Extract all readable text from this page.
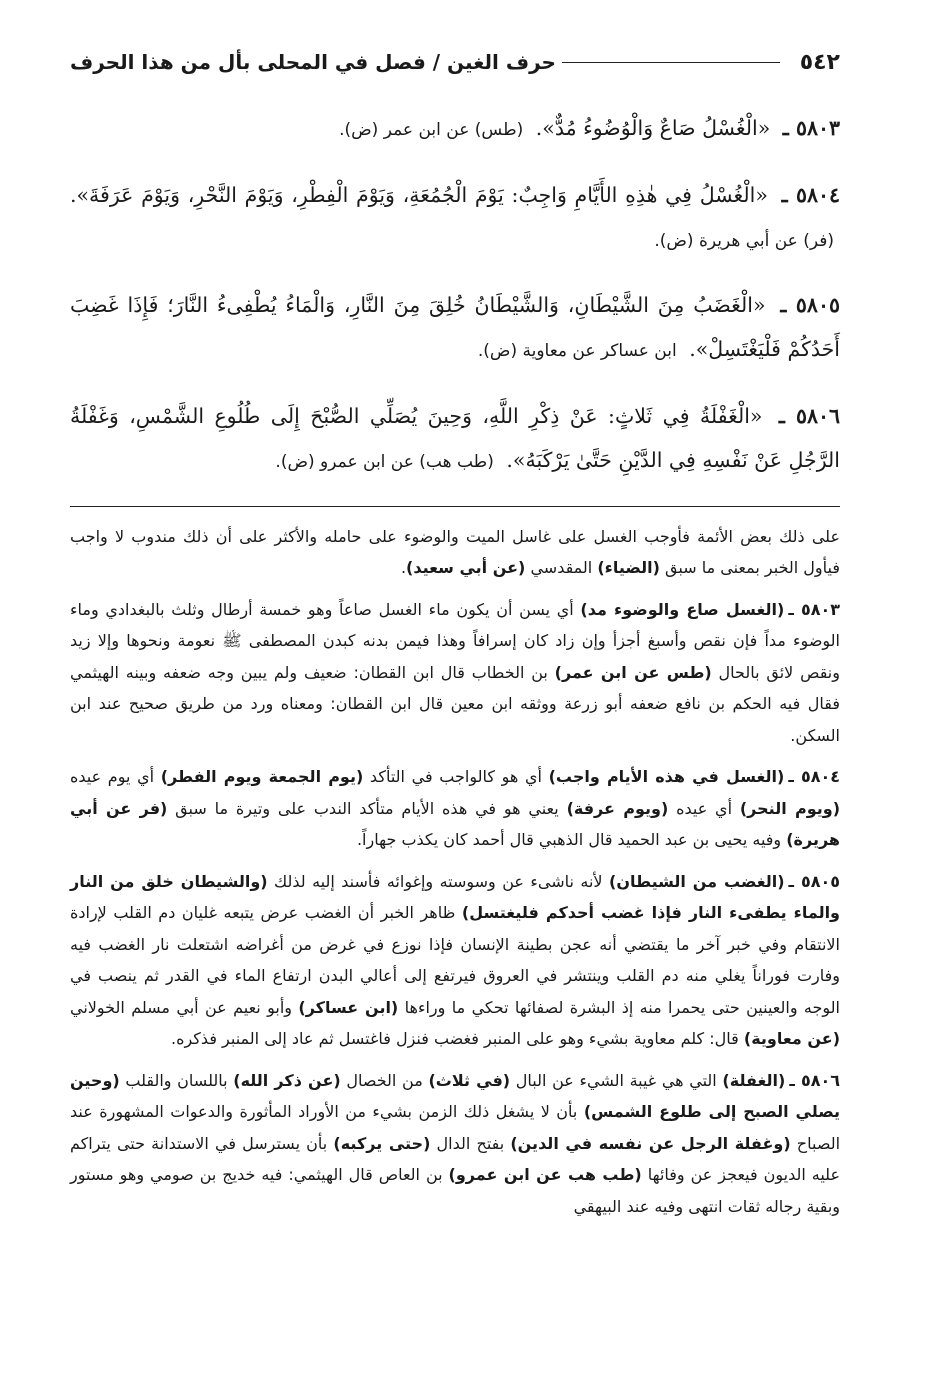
٥٤٢
حرف الغين / فصل في المحلى بأل من هذا الحرف

٥٨٠٣ ـ «الْغُسْلُ صَاعٌ وَالْوُضُوءُ مُدٌّ». (طس) عن ابن عمر (ض).

٥٨٠٤ ـ «الْغُسْلُ فِي هٰذِهِ الأَيَّامِ وَاجِبٌ: يَوْمَ الْجُمُعَةِ، وَيَوْمَ الْفِطْرِ، وَيَوْمَ النَّحْرِ، وَيَوْمَ عَرَفَةَ». (فر) عن أبي هريرة (ض).

٥٨٠٥ ـ «الْغَضَبُ مِنَ الشَّيْطَانِ، وَالشَّيْطَانُ خُلِقَ مِنَ النَّارِ، وَالْمَاءُ يُطْفِىءُ النَّارَ؛ فَإِذَا غَضِبَ أَحَدُكُمْ فَلْيَغْتَسِلْ». ابن عساكر عن معاوية (ض).

٥٨٠٦ ـ «الْغَفْلَةُ فِي ثَلاثٍ: عَنْ ذِكْرِ اللَّهِ، وَحِينَ يُصَلِّي الصُّبْحَ إِلَى طُلُوعِ الشَّمْسِ، وَغَفْلَةُ الرَّجُلِ عَنْ نَفْسِهِ فِي الدَّيْنِ حَتَّىٰ يَرْكَبَهُ». (طب هب) عن ابن عمرو (ض).

على ذلك بعض الأئمة فأوجب الغسل على غاسل الميت والوضوء على حامله والأكثر على أن ذلك مندوب لا واجب فيأول الخبر بمعنى ما سبق (الضياء) المقدسي (عن أبي سعيد).

٥٨٠٣ ـ(الغسل صاع والوضوء مد) أي يسن أن يكون ماء الغسل صاعاً وهو خمسة أرطال وثلث بالبغدادي وماء الوضوء مداً فإن نقص وأسبغ أجزأ وإن زاد كان إسرافاً وهذا فيمن بدنه كبدن المصطفى ﷺ نعومة ونحوها وإلا زيد ونقص لائق بالحال (طس عن ابن عمر) بن الخطاب قال ابن القطان: ضعيف ولم يبين وجه ضعفه وبينه الهيثمي فقال فيه الحكم بن نافع ضعفه أبو زرعة ووثقه ابن معين قال ابن القطان: ومعناه ورد من طريق صحيح عند ابن السكن.

٥٨٠٤ ـ(الغسل في هذه الأيام واجب) أي هو كالواجب في التأكد (يوم الجمعة ويوم الفطر) أي يوم عيده (ويوم النحر) أي عيده (ويوم عرفة) يعني هو في هذه الأيام متأكد الندب على وتيرة ما سبق (فر عن أبي هريرة) وفيه يحيى بن عبد الحميد قال الذهبي قال أحمد كان يكذب جهاراً.

٥٨٠٥ ـ(الغضب من الشيطان) لأنه ناشىء عن وسوسته وإغوائه فأسند إليه لذلك (والشيطان خلق من النار والماء يطفىء النار فإذا غضب أحدكم فليغتسل) ظاهر الخبر أن الغضب عرض يتبعه غليان دم القلب لإرادة الانتقام وفي خبر آخر ما يقتضي أنه عجن بطينة الإنسان فإذا نوزع في غرض من أغراضه اشتعلت نار الغضب فيه وفارت فوراناً يغلي منه دم القلب وينتشر في العروق فيرتفع إلى أعالي البدن ارتفاع الماء في القدر ثم ينصب في الوجه والعينين حتى يحمرا منه إذ البشرة لصفائها تحكي ما وراءها (ابن عساكر) وأبو نعيم عن أبي مسلم الخولاني (عن معاوية) قال: كلم معاوية بشيء وهو على المنبر فغضب فنزل فاغتسل ثم عاد إلى المنبر فذكره.

٥٨٠٦ ـ(الغفلة) التي هي غيبة الشيء عن البال (في ثلاث) من الخصال (عن ذكر الله) باللسان والقلب (وحين يصلي الصبح إلى طلوع الشمس) بأن لا يشغل ذلك الزمن بشيء من الأوراد المأثورة والدعوات المشهورة عند الصباح (وغفلة الرجل عن نفسه في الدين) بفتح الدال (حتى يركبه) بأن يسترسل في الاستدانة حتى يتراكم عليه الديون فيعجز عن وفائها (طب هب عن ابن عمرو) بن العاص قال الهيثمي: فيه خديج بن صومي وهو مستور وبقية رجاله ثقات انتهى وفيه عند البيهقي
